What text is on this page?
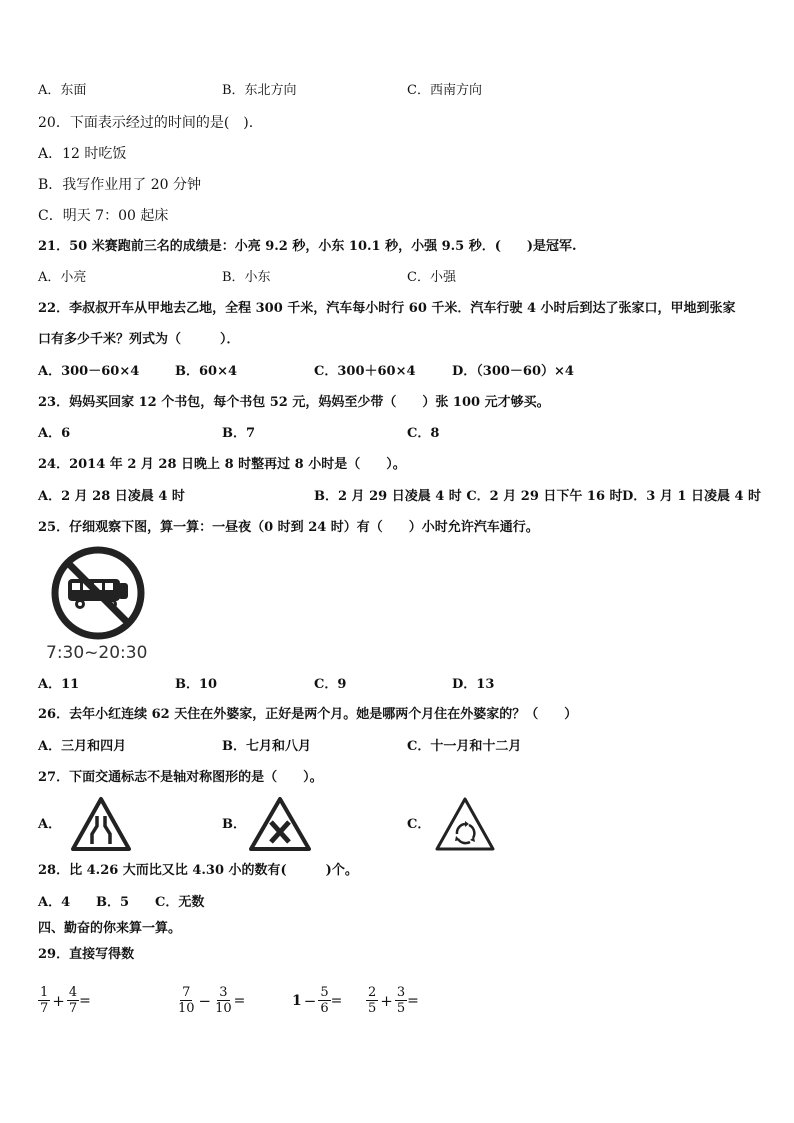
A．东面	B．东北方向	C．西南方向
20．下面表示经过的时间的是(　).
A．12 时吃饭
B．我写作业用了 20 分钟
C．明天 7：00 起床
21．50 米赛跑前三名的成绩是：小亮 9.2 秒，小东 10.1 秒，小强 9.5 秒．(　　)是冠军.
A．小亮	B．小东	C．小强
22．李叔叔开车从甲地去乙地，全程 300 千米，汽车每小时行 60 千米．汽车行驶 4 小时后到达了张家口，甲地到张家
口有多少千米？列式为（　　　）．
A．300－60×4	B．60×4	C．300＋60×4	D．（300－60）×4
23．妈妈买回家 12 个书包，每个书包 52 元，妈妈至少带（　　）张 100 元才够买。
A．6	B．7	C．8
24．2014 年 2 月 28 日晚上 8 时整再过 8 小时是（　　）。
A．2 月 28 日凌晨 4 时	B．2 月 29 日凌晨 4 时 C．2 月 29 日下午 16 时 D．3 月 1 日凌晨 4 时
25．仔细观察下图，算一算：一昼夜（0 时到 24 时）有（　　）小时允许汽车通行。
7:30~20:30
A．11	B．10	C．9	D．13
26．去年小红连续 62 天住在外婆家，正好是两个月。她是哪两个月住在外婆家的？（　　）
A．三月和四月	B．七月和八月	C．十一月和十二月
27．下面交通标志不是轴对称图形的是（　　）。
A．	B．	C．
28．比 4.26 大而比又比 4.30 小的数有(　　　)个。
A．4 B．5 C．无数
四、勤奋的你来算一算。
29．直接写得数
$\frac{1}{7} + \frac{4}{7}$ =	$\frac{7}{10} - \frac{3}{10}$ =	$1 - \frac{5}{6} = \frac{2}{5} + \frac{3}{5}$ =
